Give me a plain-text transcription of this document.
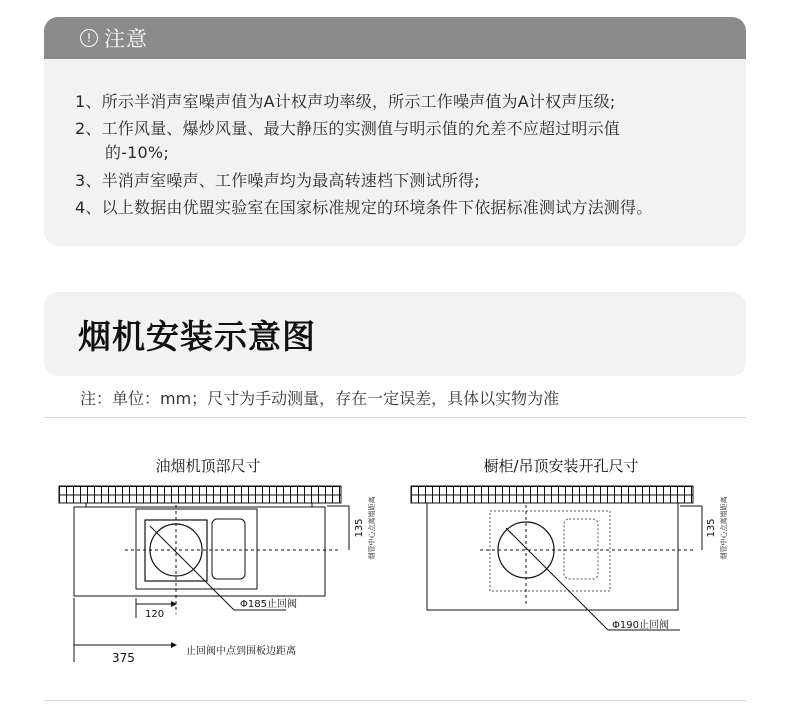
! 注意
1、所示半消声室噪声值为A计权声功率级，所示工作噪声值为A计权声压级;
2、工作风量、爆炒风量、最大静压的实测值与明示值的允差不应超过明示值
的-10%;
3、半消声室噪声、工作噪声均为最高转速档下测试所得;
4、以上数据由优盟实验室在国家标准规定的环境条件下依据标准测试方法测得。
烟机安装示意图
注：单位：mm；尺寸为手动测量，存在一定误差，具体以实物为准
油烟机顶部尺寸
Φ185止回阀
120
375	止回阀中点到围板边距离
135 烟管中心点离墙距离
橱柜/吊顶安装开孔尺寸
Φ190止回阀
135 烟管中心点离墙距离
